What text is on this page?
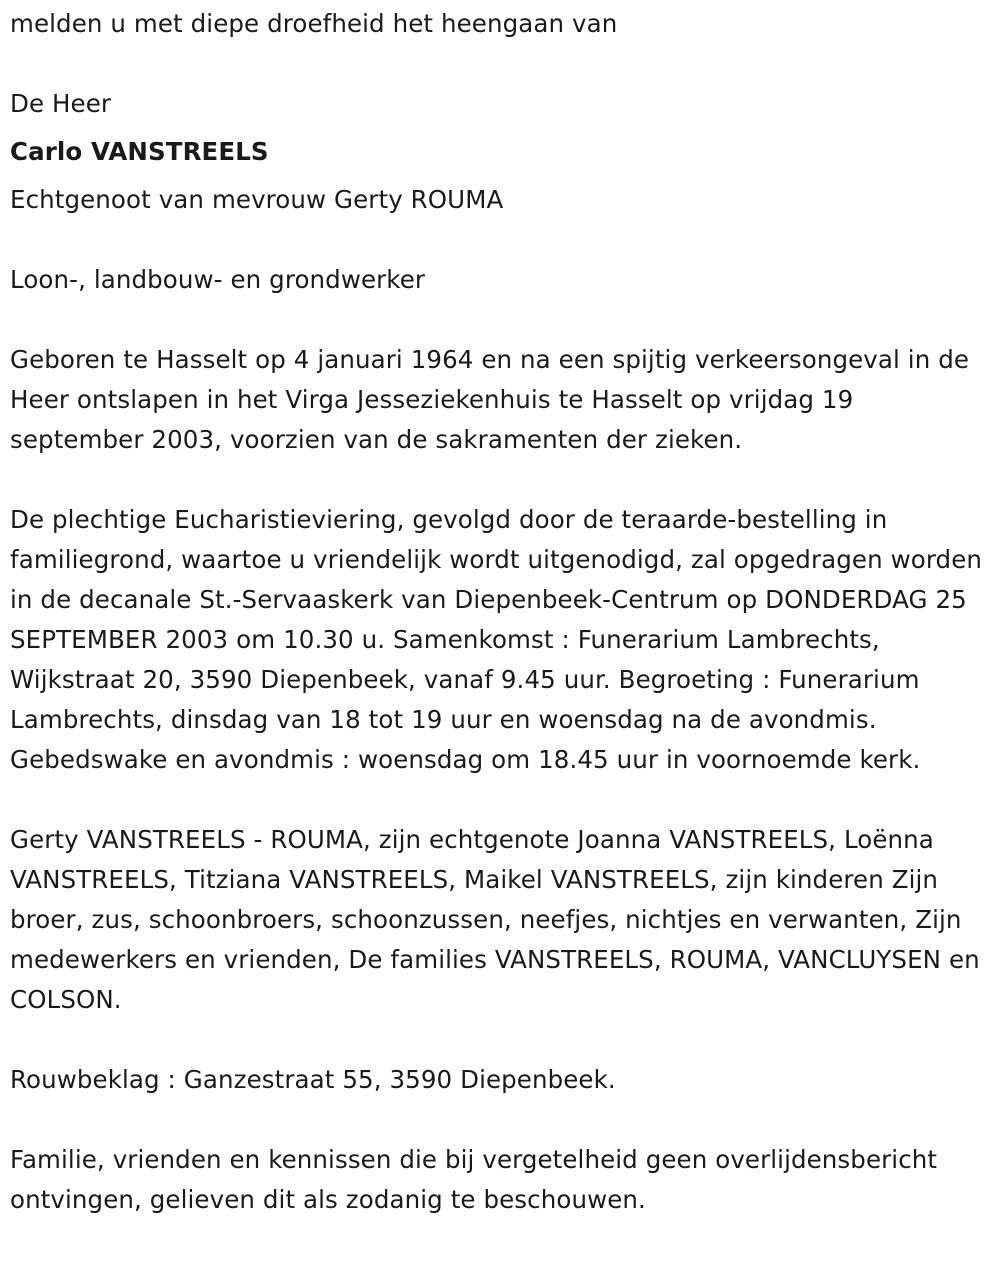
melden u met diepe droefheid het heengaan van

De Heer

Carlo VANSTREELS

Echtgenoot van mevrouw Gerty ROUMA

Loon-, landbouw- en grondwerker

Geboren te Hasselt op 4 januari 1964 en na een spijtig verkeersongeval in de Heer ontslapen in het Virga Jesseziekenhuis te Hasselt op vrijdag 19 september 2003, voorzien van de sakramenten der zieken.

De plechtige Eucharistieviering, gevolgd door de teraarde-bestelling in familiegrond, waartoe u vriendelijk wordt uitgenodigd, zal opgedragen worden in de decanale St.-Servaaskerk van Diepenbeek-Centrum op DONDERDAG 25 SEPTEMBER 2003 om 10.30 u. Samenkomst : Funerarium Lambrechts, Wijkstraat 20, 3590 Diepenbeek, vanaf 9.45 uur. Begroeting : Funerarium Lambrechts, dinsdag van 18 tot 19 uur en woensdag na de avondmis. Gebedswake en avondmis : woensdag om 18.45 uur in voornoemde kerk.

Gerty VANSTREELS - ROUMA, zijn echtgenote Joanna VANSTREELS, Loënna VANSTREELS, Titziana VANSTREELS, Maikel VANSTREELS, zijn kinderen Zijn broer, zus, schoonbroers, schoonzussen, neefjes, nichtjes en verwanten, Zijn medewerkers en vrienden, De families VANSTREELS, ROUMA, VANCLUYSEN en COLSON.

Rouwbeklag : Ganzestraat 55, 3590 Diepenbeek.

Familie, vrienden en kennissen die bij vergetelheid geen overlijdensbericht ontvingen, gelieven dit als zodanig te beschouwen.
